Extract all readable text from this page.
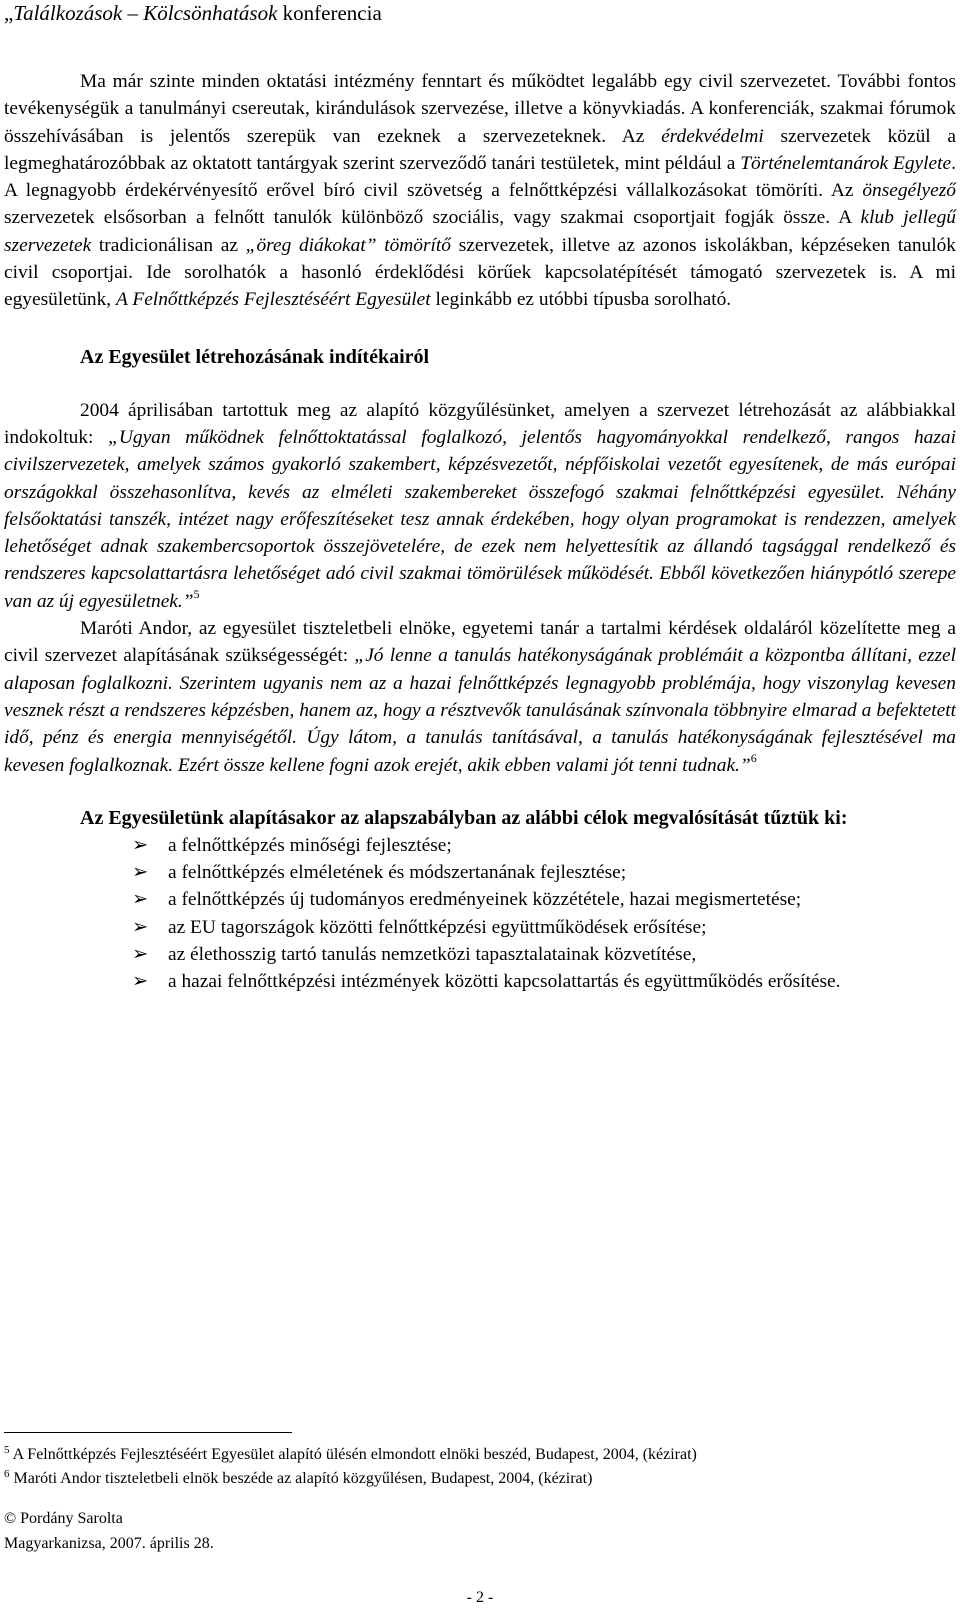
„Találkozások – Kölcsönhatások konferencia

Ma már szinte minden oktatási intézmény fenntart és működtet legalább egy civil szervezetet. További fontos tevékenységük a tanulmányi csereutak, kirándulások szervezése, illetve a könyvkiadás. A konferenciák, szakmai fórumok összehívásában is jelentős szerepük van ezeknek a szervezeteknek. Az érdekvédelmi szervezetek közül a legmeghatározóbbak az oktatott tantárgyak szerint szerveződő tanári testületek, mint például a Történelemtanárok Egylete. A legnagyobb érdekérvényesítő erővel bíró civil szövetség a felnőttképzési vállalkozásokat tömöríti. Az önsegélyező szervezetek elsősorban a felnőtt tanulók különböző szociális, vagy szakmai csoportjait fogják össze. A klub jellegű szervezetek tradicionálisan az „öreg diákokat” tömörítő szervezetek, illetve az azonos iskolákban, képzéseken tanulók civil csoportjai. Ide sorolhatók a hasonló érdeklődési körűek kapcsolatépítését támogató szervezetek is. A mi egyesületünk, A Felnőttképzés Fejlesztéséért Egyesület leginkább ez utóbbi típusba sorolható.

Az Egyesület létrehozásának indítékairól

2004 áprilisában tartottuk meg az alapító közgyűlésünket, amelyen a szervezet létrehozását az alábbiakkal indokoltuk: „Ugyan működnek felnőttoktatással foglalkozó, jelentős hagyományokkal rendelkező, rangos hazai civilszervezetek, amelyek számos gyakorló szakembert, képzésvezetőt, népfőiskolai vezetőt egyesítenek, de más európai országokkal összehasonlítva, kevés az elméleti szakembereket összefogó szakmai felnőttképzési egyesület. Néhány felsőoktatási tanszék, intézet nagy erőfeszítéseket tesz annak érdekében, hogy olyan programokat is rendezzen, amelyek lehetőséget adnak szakembercsoportok összejövetelére, de ezek nem helyettesítik az állandó tagsággal rendelkező és rendszeres kapcsolattartásra lehetőséget adó civil szakmai tömörülések működését. Ebből következően hiánypótló szerepe van az új egyesületnek.”$^5$

Maróti Andor, az egyesület tiszteletbeli elnöke, egyetemi tanár a tartalmi kérdések oldaláról közelítette meg a civil szervezet alapításának szükségességét: „Jó lenne a tanulás hatékonyságának problémáit a központba állítani, ezzel alaposan foglalkozni. Szerintem ugyanis nem az a hazai felnőttképzés legnagyobb problémája, hogy viszonylag kevesen vesznek részt a rendszeres képzésben, hanem az, hogy a résztvevők tanulásának színvonala többnyire elmarad a befektetett idő, pénz és energia mennyiségétől. Úgy látom, a tanulás tanításával, a tanulás hatékonyságának fejlesztésével ma kevesen foglalkoznak. Ezért össze kellene fogni azok erejét, akik ebben valami jót tenni tudnak.”$^6$

Az Egyesületünk alapításakor az alapszabályban az alábbi célok megvalósítását tűztük ki:

➢ a felnőttképzés minőségi fejlesztése;
➢ a felnőttképzés elméletének és módszertanának fejlesztése;
➢ a felnőttképzés új tudományos eredményeinek közzététele, hazai megismertetése;
➢ az EU tagországok közötti felnőttképzési együttműködések erősítése;
➢ az élethosszig tartó tanulás nemzetközi tapasztalatainak közvetítése,
➢ a hazai felnőttképzési intézmények közötti kapcsolattartás és együttműködés erősítése.
$^5$ A Felnőttképzés Fejlesztéséért Egyesület alapító ülésén elmondott elnöki beszéd, Budapest, 2004, (kézirat)
$^6$ Maróti Andor tiszteletbeli elnök beszéde az alapító közgyűlésen, Budapest, 2004, (kézirat)
© Pordány Sarolta
Magyarkanizsa, 2007. április 28.
- 2 -
